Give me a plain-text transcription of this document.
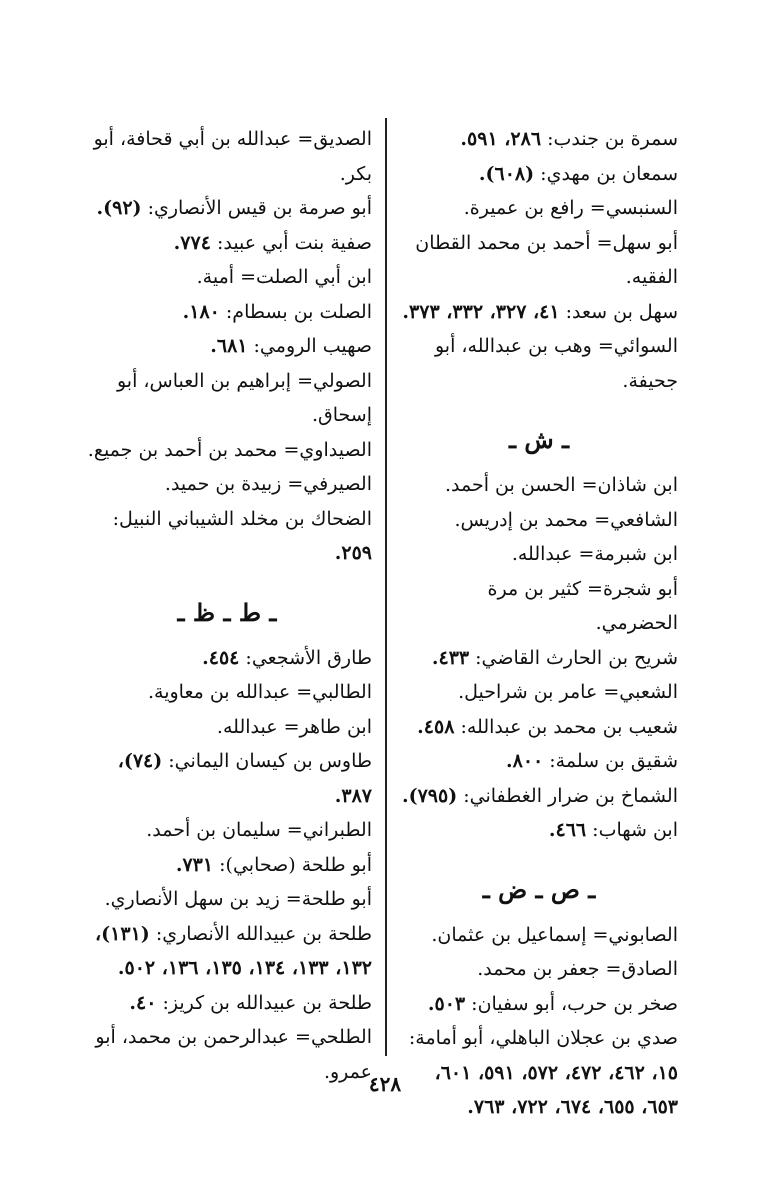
سمرة بن جندب: ٢٨٦، ٥٩١.
سمعان بن مهدي: (٦٠٨).
السنبسي= رافع بن عميرة.
أبو سهل= أحمد بن محمد القطان الفقيه.
سهل بن سعد: ٤١، ٣٢٧، ٣٣٢، ٣٧٣.
السوائي= وهب بن عبدالله، أبو جحيفة.
ـ ش ـ
ابن شاذان= الحسن بن أحمد.
الشافعي= محمد بن إدريس.
ابن شبرمة= عبدالله.
أبو شجرة= كثير بن مرة الحضرمي.
شريح بن الحارث القاضي: ٤٣٣.
الشعبي= عامر بن شراحيل.
شعيب بن محمد بن عبدالله: ٤٥٨.
شقيق بن سلمة: ٨٠٠.
الشماخ بن ضرار الغطفاني: (٧٩٥).
ابن شهاب: ٤٦٦.
ـ ص ـ ض ـ
الصابوني= إسماعيل بن عثمان.
الصادق= جعفر بن محمد.
صخر بن حرب، أبو سفيان: ٥٠٣.
صدي بن عجلان الباهلي، أبو أمامة: ١٥، ٤٦٢، ٤٧٢، ٥٧٢، ٥٩١، ٦٠١، ٦٥٣، ٦٥٥، ٦٧٤، ٧٢٢، ٧٦٣.
الصديق= عبدالله بن أبي قحافة، أبو بكر.
أبو صرمة بن قيس الأنصاري: (٩٢).
صفية بنت أبي عبيد: ٧٧٤.
ابن أبي الصلت= أمية.
الصلت بن بسطام: ١٨٠.
صهيب الرومي: ٦٨١.
الصولي= إبراهيم بن العباس، أبو إسحاق.
الصيداوي= محمد بن أحمد بن جميع.
الصيرفي= زبيدة بن حميد.
الضحاك بن مخلد الشيباني النبيل: ٢٥٩.
ـ ط ـ ظ ـ
طارق الأشجعي: ٤٥٤.
الطالبي= عبدالله بن معاوية.
ابن طاهر= عبدالله.
طاوس بن كيسان اليماني: (٧٤)، ٣٨٧.
الطبراني= سليمان بن أحمد.
أبو طلحة (صحابي): ٧٣١.
أبو طلحة= زيد بن سهل الأنصاري.
طلحة بن عبيدالله الأنصاري: (١٣١)، ١٣٢، ١٣٣، ١٣٤، ١٣٥، ١٣٦، ٥٠٢.
طلحة بن عبيدالله بن كريز: ٤٠.
الطلحي= عبدالرحمن بن محمد، أبو عمرو.
٤٢٨
